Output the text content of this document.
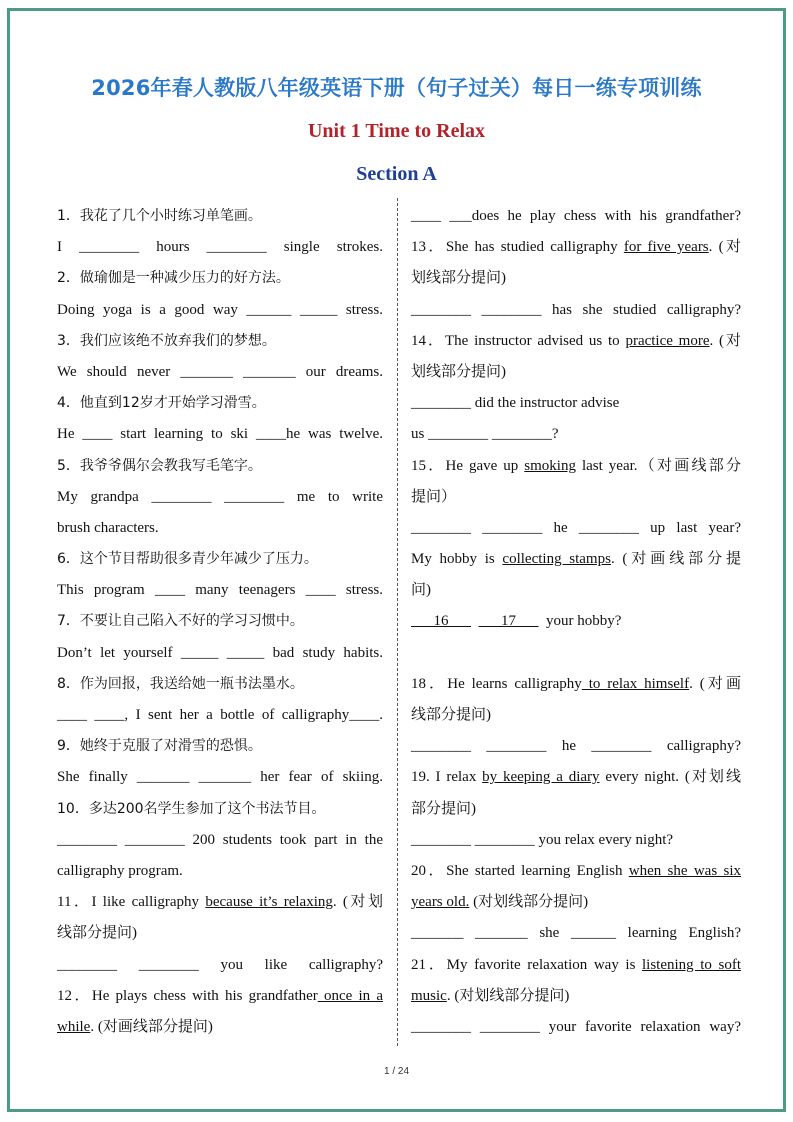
2026年春人教版八年级英语下册（句子过关）每日一练专项训练
Unit 1 Time to Relax
Section A
1．我花了几个小时练习单笔画。
I ________ hours ________ single strokes.
2．做瑜伽是一种减少压力的好方法。
Doing yoga is a good way ______ _____ stress.
3．我们应该绝不放弃我们的梦想。
We should never _______ _______ our dreams.
4．他直到12岁才开始学习滑雪。
He ____ start learning to ski ____he was twelve.
5．我爷爷偶尔会教我写毛笔字。
My grandpa ________ ________ me to write
brush characters.
6．这个节目帮助很多青少年减少了压力。
This program ____ many teenagers ____ stress.
7．不要让自己陷入不好的学习习惯中。
Don’t let yourself _____ _____ bad study habits.
8．作为回报，我送给她一瓶书法墨水。
____ ____, I sent her a bottle of calligraphy____.
9．她终于克服了对滑雪的恐惧。
She finally _______ _______ her fear of skiing.
10．多达200名学生参加了这个书法节目。
________ ________ 200 students took part in the
calligraphy program.
11．I like calligraphy because it’s relaxing. (对划
线部分提问)
________ ________ you like calligraphy?
12．He plays chess with his grandfather once in a
while. (对画线部分提问)
____ ___does he play chess with his grandfather?
13．She has studied calligraphy for five years. (对
划线部分提问)
________ ________ has she studied calligraphy?
14．The instructor advised us to practice more. (对
划线部分提问)
________ did the instructor advise
us ________ ________?
15．He gave up smoking last year.（对画线部分
提问）
________ ________ he ________ up last year?
My hobby is collecting stamps. (对画线部分提
问)
16              17        your hobby?
18．He learns calligraphy to relax himself. (对画
线部分提问)
________ ________ he ________ calligraphy?
19. I relax by keeping a diary every night. (对划线
部分提问)
________ ________ you relax every night?
20．She started learning English when she was six
years old. (对划线部分提问)
_______ _______ she ______ learning English?
21．My favorite relaxation way is listening to soft
music. (对划线部分提问)
________ ________ your favorite relaxation way?
1 / 24
